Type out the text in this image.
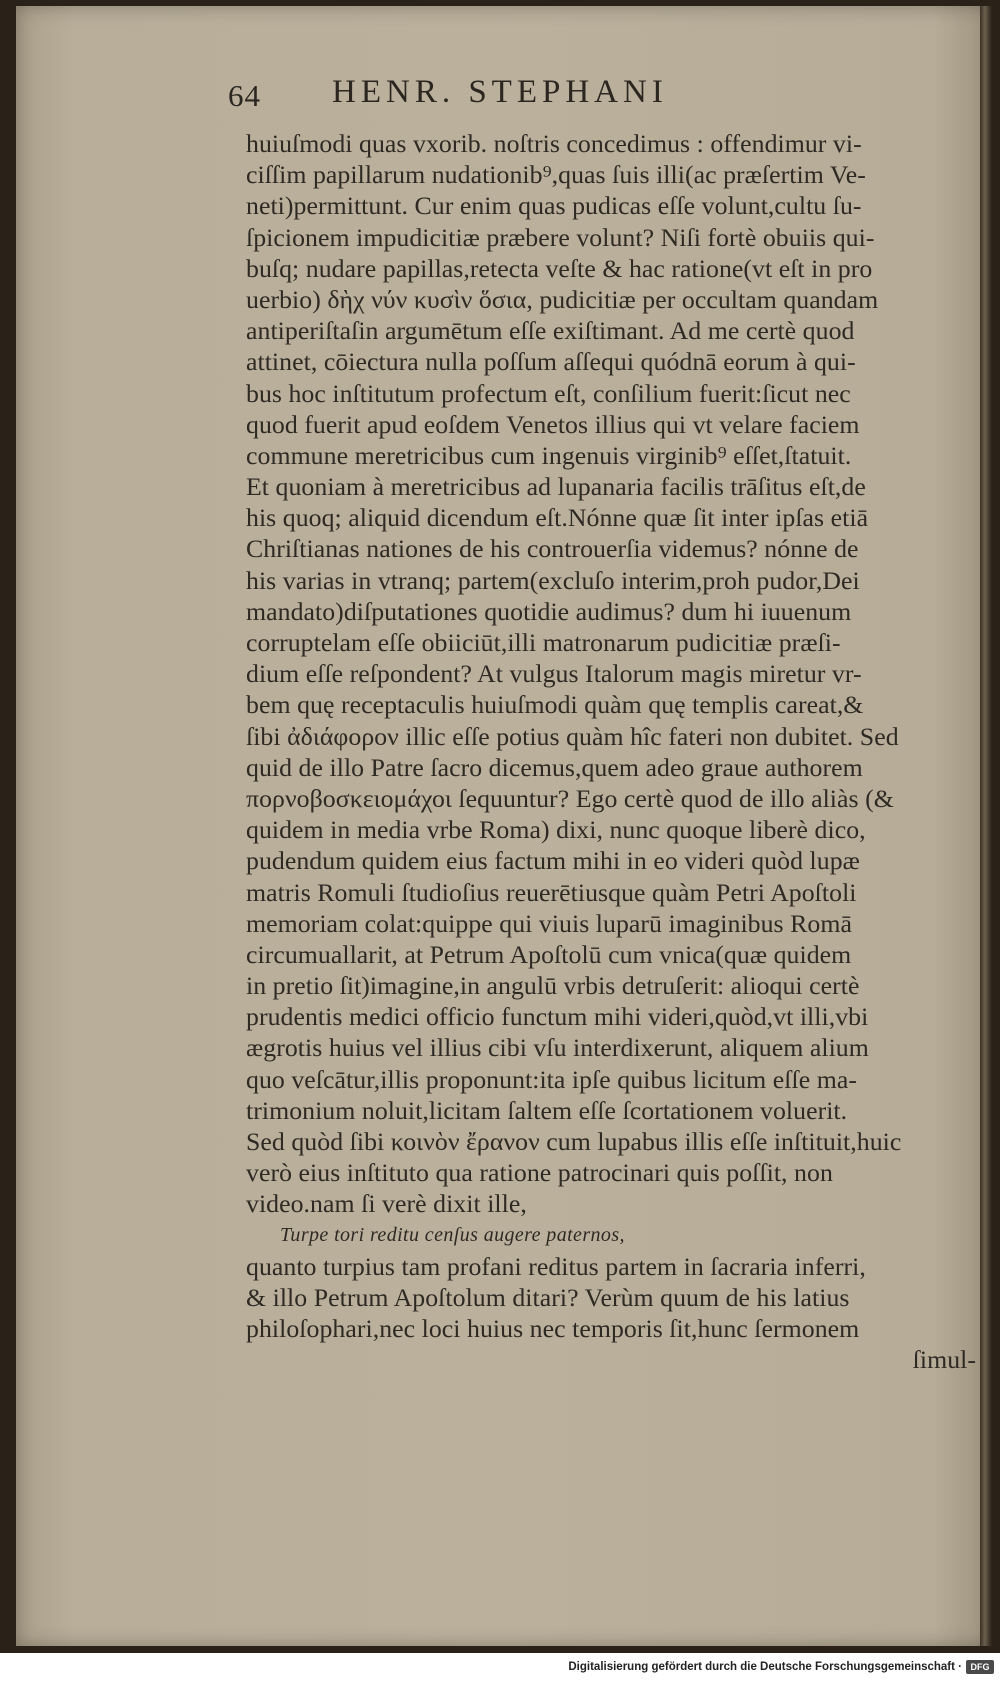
64 HENR. STEPHANI
huiuſmodi quas vxorib. noſtris concedimus : offendimur vi-
ciſſim papillarum nudationib⁹,quas ſuis illi(ac præſertim Ve-
neti)permittunt. Cur enim quas pudicas eſſe volunt,cultu ſu-
ſpicionem impudicitiæ præbere volunt? Niſi fortè obuiis qui-
buſq; nudare papillas,retecta veſte & hac ratione(vt eſt in pro
uerbio) δὴχ νύν κυσὶν ὅσια, pudicitiæ per occultam quandam
antiperiſtaſin argumētum eſſe exiſtimant. Ad me certè quod
attinet, cōiectura nulla poſſum aſſequi quódnā eorum à qui-
bus hoc inſtitutum profectum eſt, conſilium fuerit:ſicut nec
quod fuerit apud eoſdem Venetos illius qui vt velare faciem
commune meretricibus cum ingenuis virginib⁹ eſſet,ſtatuit.
Et quoniam à meretricibus ad lupanaria facilis trāſitus eſt,de
his quoq; aliquid dicendum eſt.Nónne quæ ſit inter ipſas etiā
Chriſtianas nationes de his controuerſia videmus? nónne de
his varias in vtranq; partem(excluſo interim,proh pudor,Dei
mandato)diſputationes quotidie audimus? dum hi iuuenum
corruptelam eſſe obiiciūt,illi matronarum pudicitiæ præſi-
dium eſſe reſpondent? At vulgus Italorum magis miretur vr-
bem quę receptaculis huiuſmodi quàm quę templis careat,&
ſibi ἀδιάφορον illic eſſe potius quàm hîc fateri non dubitet. Sed
quid de illo Patre ſacro dicemus,quem adeo graue authorem
πορνοβοσκειομάχοι ſequuntur? Ego certè quod de illo aliàs (&
quidem in media vrbe Roma) dixi, nunc quoque liberè dico,
pudendum quidem eius factum mihi in eo videri quòd lupæ
matris Romuli ſtudioſius reuerētiusque quàm Petri Apoſtoli
memoriam colat:quippe qui viuis luparū imaginibus Romā
circumuallarit, at Petrum Apoſtolū cum vnica(quæ quidem
in pretio ſit)imagine,in angulū vrbis detruſerit: alioqui certè
prudentis medici officio functum mihi videri,quòd,vt illi,vbi
ægrotis huius vel illius cibi vſu interdixerunt, aliquem alium
quo veſcātur,illis proponunt:ita ipſe quibus licitum eſſe ma-
trimonium noluit,licitam ſaltem eſſe ſcortationem voluerit.
Sed quòd ſibi κοινὸν ἔρανον cum lupabus illis eſſe inſtituit,huic
verò eius inſtituto qua ratione patrocinari quis poſſit, non
video.nam ſi verè dixit ille,
Turpe tori reditu cenſus augere paternos,
quanto turpius tam profani reditus partem in ſacraria inferri,
& illo Petrum Apoſtolum ditari? Verùm quum de his latius
philoſophari,nec loci huius nec temporis ſit,hunc ſermonem
ſimul-
Digitalisierung gefördert durch die Deutsche Forschungsgemeinschaft · DFG
